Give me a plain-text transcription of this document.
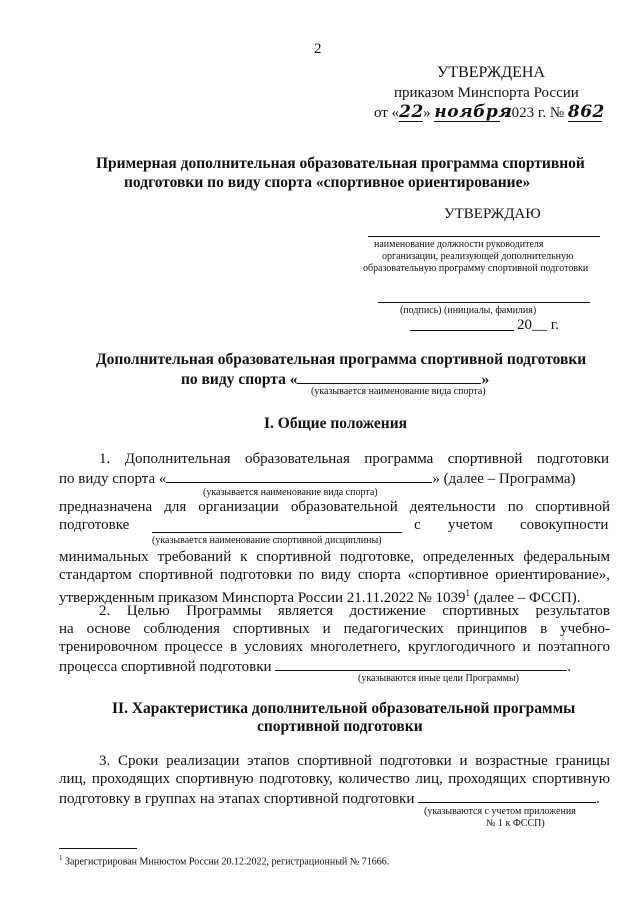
2
УТВЕРЖДЕНА
приказом Минспорта России
от «22» ноября 2023 г. № 862
Примерная дополнительная образовательная программа спортивной
подготовки по виду спорта «спортивное ориентирование»
УТВЕРЖДАЮ
наименование должности руководителя
организации, реализующей дополнительную
образовательную программу спортивной подготовки
(подпись) (инициалы, фамилия)
20__ г.
Дополнительная образовательная программа спортивной подготовки
по виду спорта «	»
(указывается наименование вида спорта)
I. Общие положения
1. Дополнительная образовательная программа спортивной подготовки
по виду спорта «	» (далее – Программа)
(указывается наименование вида спорта)
предназначена для организации образовательной деятельности по спортивной
подготовке	с учетом совокупности
(указывается наименование спортивной дисциплины)
минимальных требований к спортивной подготовке, определенных федеральным
стандартом спортивной подготовки по виду спорта «спортивное ориентирование»,
утвержденным приказом Минспорта России 21.11.2022 № 1039$^1$ (далее – ФССП).
2. Целью Программы является достижение спортивных результатов
на основе соблюдения спортивных и педагогических принципов в учебно-
тренировочном процессе в условиях многолетнего, круглогодичного и поэтапного
процесса спортивной подготовки	.
(указываются иные цели Программы)
II. Характеристика дополнительной образовательной программы
спортивной подготовки
3. Сроки реализации этапов спортивной подготовки и возрастные границы
лиц, проходящих спортивную подготовку, количество лиц, проходящих спортивную
подготовку в группах на этапах спортивной подготовки	.
(указываются с учетом приложения
№ 1 к ФССП)
$^1$ Зарегистрирован Минюстом России 20.12.2022, регистрационный № 71666.
